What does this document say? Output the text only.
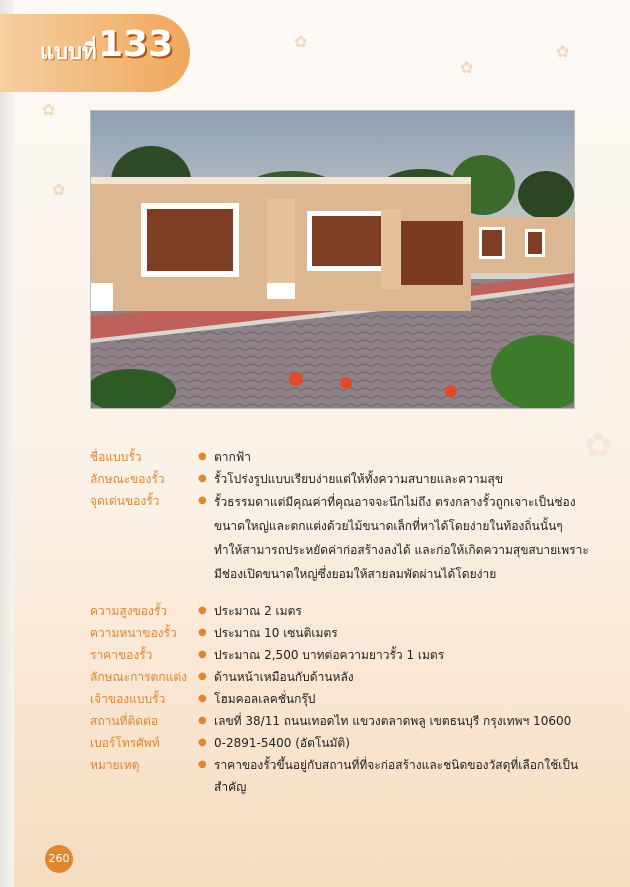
แบบที่ 133	✿
✿
✿
✿
✿
✿
ชื่อแบบรั้ว	● ตากฟ้า
ลักษณะของรั้ว	● รั้วโปร่งรูปแบบเรียบง่ายแต่ให้ทั้งความสบายและความสุข
จุดเด่นของรั้ว	● รั้วธรรมดาแต่มีคุณค่าที่คุณอาจจะนึกไม่ถึง ตรงกลางรั้วถูกเจาะเป็นช่องขนาดใหญ่และตกแต่งด้วยไม้ขนาดเล็กที่หาได้โดยง่ายในท้องถิ่นนั้นๆ ทำให้สามารถประหยัดค่าก่อสร้างลงได้ และก่อให้เกิดความสุขสบายเพราะมีช่องเปิดขนาดใหญ่ซึ่งยอมให้สายลมพัดผ่านได้โดยง่าย
ความสูงของรั้ว	● ประมาณ 2 เมตร
ความหนาของรั้ว	● ประมาณ 10 เซนติเมตร
ราคาของรั้ว	● ประมาณ 2,500 บาทต่อความยาวรั้ว 1 เมตร
ลักษณะการตกแต่ง	● ด้านหน้าเหมือนกับด้านหลัง
เจ้าของแบบรั้ว	● โฮมคอลเลคชั่นกรุ๊ป
สถานที่ติดต่อ	● เลขที่ 38/11 ถนนเทอดไท แขวงตลาดพลู เขตธนบุรี กรุงเทพฯ 10600
เบอร์โทรศัพท์	● 0-2891-5400 (อัตโนมัติ)
หมายเหตุ	● ราคาของรั้วขึ้นอยู่กับสถานที่ที่จะก่อสร้างและชนิดของวัสดุที่เลือกใช้เป็นสำคัญ
260
